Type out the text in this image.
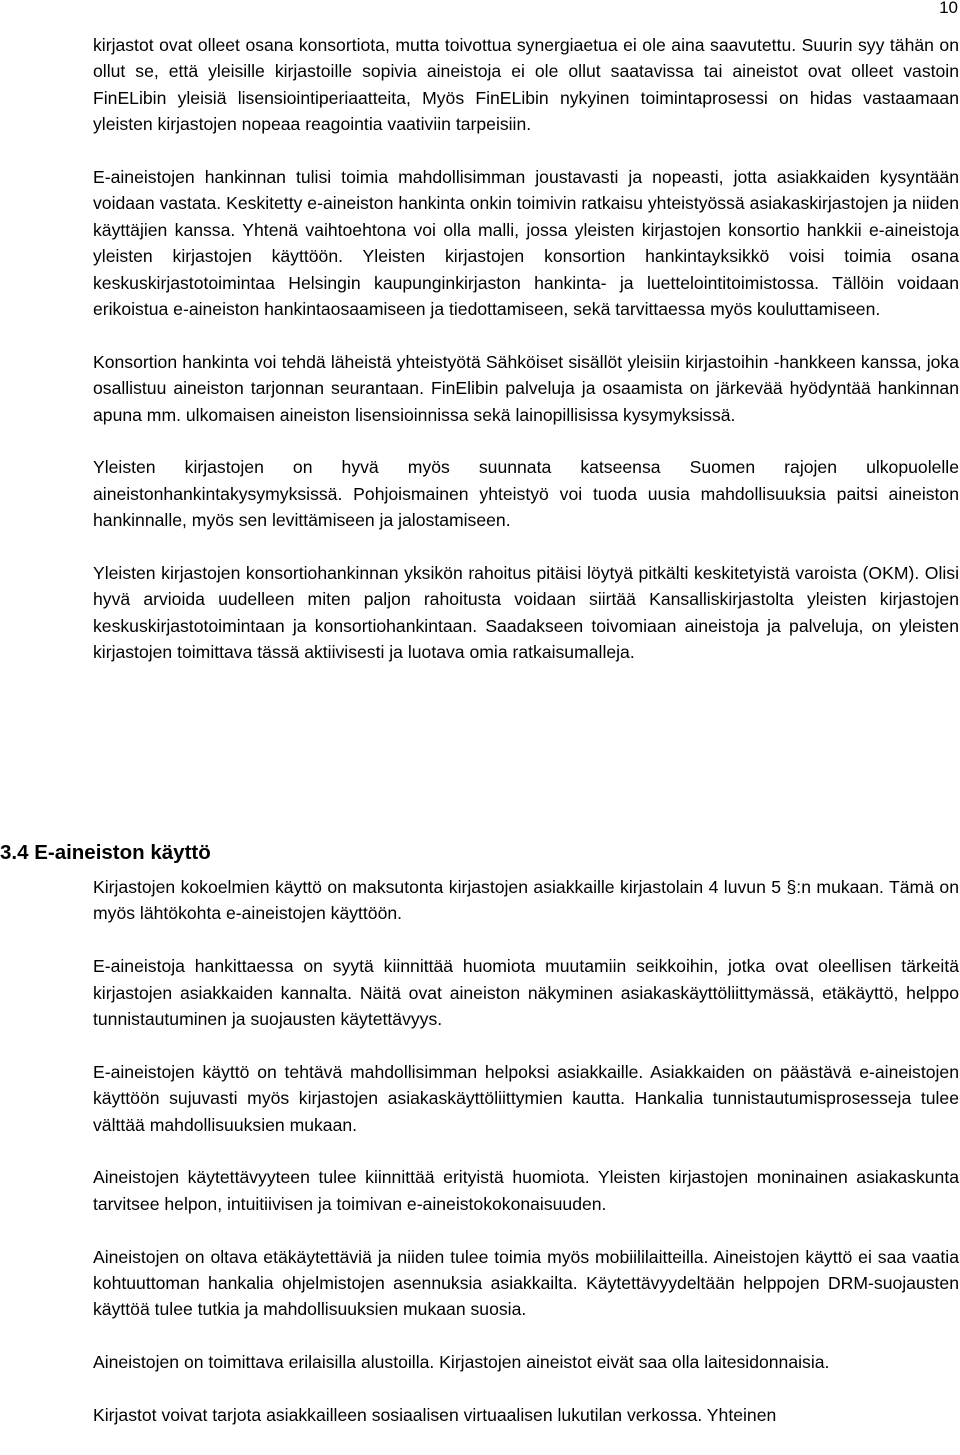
10

kirjastot ovat olleet osana konsortiota, mutta toivottua synergiaetua ei ole aina saavutettu. Suurin syy tähän on ollut se, että yleisille kirjastoille sopivia aineistoja ei ole ollut saatavissa tai aineistot ovat olleet vastoin FinELibin yleisiä lisensiointiperiaatteita, Myös FinELibin nykyinen toimintaprosessi on hidas vastaamaan yleisten kirjastojen nopeaa reagointia vaativiin tarpeisiin.

E-aineistojen hankinnan tulisi toimia mahdollisimman joustavasti ja nopeasti, jotta asiakkaiden kysyntään voidaan vastata. Keskitetty e-aineiston hankinta onkin toimivin ratkaisu yhteistyössä asiakaskirjastojen ja niiden käyttäjien kanssa. Yhtenä vaihtoehtona voi olla malli, jossa yleisten kirjastojen konsortio hankkii e-aineistoja yleisten kirjastojen käyttöön. Yleisten kirjastojen konsortion hankintayksikkö voisi toimia osana keskuskirjastotoimintaa Helsingin kaupunginkirjaston hankinta- ja luettelointitoimistossa. Tällöin voidaan erikoistua e-aineiston hankintaosaamiseen ja tiedottamiseen, sekä tarvittaessa myös kouluttamiseen.

Konsortion hankinta voi tehdä läheistä yhteistyötä Sähköiset sisällöt yleisiin kirjastoihin -hankkeen kanssa, joka osallistuu aineiston tarjonnan seurantaan. FinElibin palveluja ja osaamista on järkevää hyödyntää hankinnan apuna mm. ulkomaisen aineiston lisensioinnissa sekä lainopillisissa kysymyksissä.

Yleisten kirjastojen on hyvä myös suunnata katseensa Suomen rajojen ulkopuolelle aineistonhankintakysymyksissä. Pohjoismainen yhteistyö voi tuoda uusia mahdollisuuksia paitsi aineiston hankinnalle, myös sen levittämiseen ja jalostamiseen.

Yleisten kirjastojen konsortiohankinnan yksikön rahoitus pitäisi löytyä pitkälti keskitetyistä varoista (OKM). Olisi hyvä arvioida uudelleen miten paljon rahoitusta voidaan siirtää Kansalliskirjastolta yleisten kirjastojen keskuskirjastotoimintaan ja konsortiohankintaan. Saadakseen toivomiaan aineistoja ja palveluja, on yleisten kirjastojen toimittava tässä aktiivisesti ja luotava omia ratkaisumalleja.

3.4 E-aineiston käyttö

Kirjastojen kokoelmien käyttö on maksutonta kirjastojen asiakkaille kirjastolain 4 luvun 5 §:n mukaan. Tämä on myös lähtökohta e-aineistojen käyttöön.

E-aineistoja hankittaessa on syytä kiinnittää huomiota muutamiin seikkoihin, jotka ovat oleellisen tärkeitä kirjastojen asiakkaiden kannalta. Näitä ovat aineiston näkyminen asiakaskäyttöliittymässä, etäkäyttö, helppo tunnistautuminen ja suojausten käytettävyys.

E-aineistojen käyttö on tehtävä mahdollisimman helpoksi asiakkaille. Asiakkaiden on päästävä e-aineistojen käyttöön sujuvasti myös kirjastojen asiakaskäyttöliittymien kautta. Hankalia tunnistautumisprosesseja tulee välttää mahdollisuuksien mukaan.

Aineistojen käytettävyyteen tulee kiinnittää erityistä huomiota. Yleisten kirjastojen moninainen asiakaskunta tarvitsee helpon, intuitiivisen ja toimivan e-aineistokokonaisuuden.

Aineistojen on oltava etäkäytettäviä ja niiden tulee toimia myös mobiililaitteilla. Aineistojen käyttö ei saa vaatia kohtuuttoman hankalia ohjelmistojen asennuksia asiakkailta. Käytettävyydeltään helppojen DRM-suojausten käyttöä tulee tutkia ja mahdollisuuksien mukaan suosia.

Aineistojen on toimittava erilaisilla alustoilla. Kirjastojen aineistot eivät saa olla laitesidonnaisia.

Kirjastot voivat tarjota asiakkailleen sosiaalisen virtuaalisen lukutilan verkossa. Yhteinen
